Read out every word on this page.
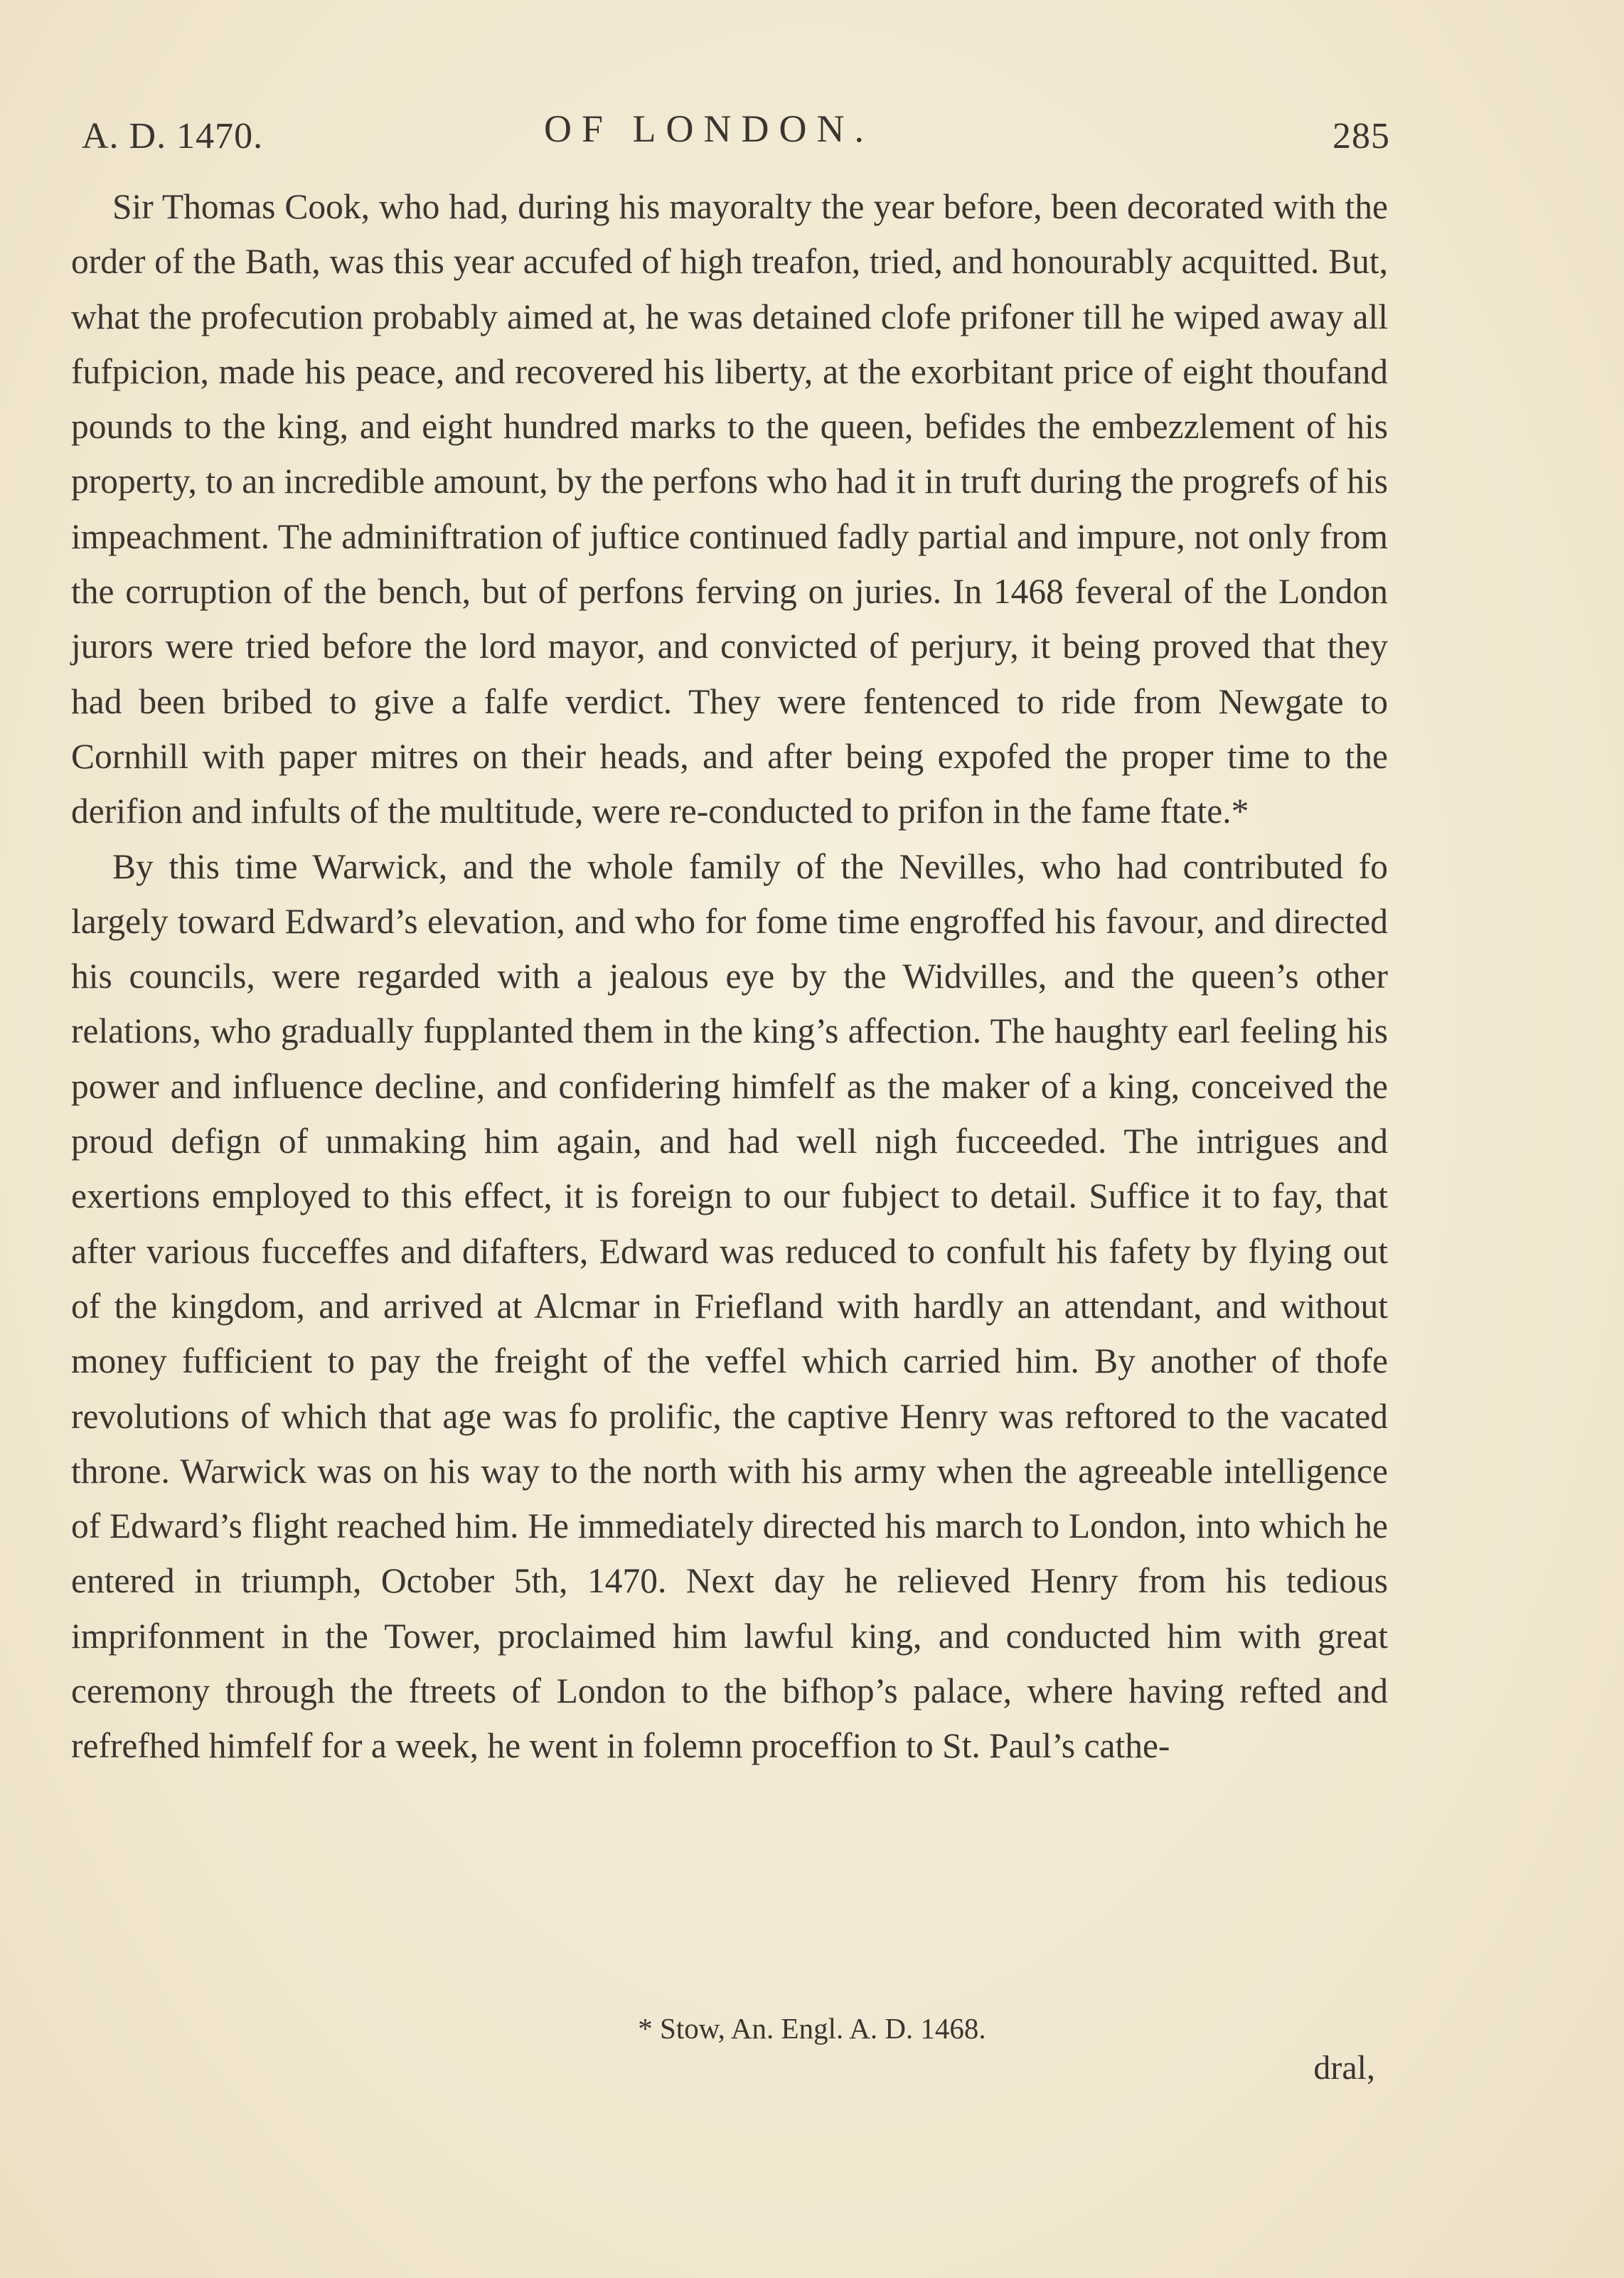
A. D. 1470.	OF LONDON.	285

Sir Thomas Cook, who had, during his mayoralty the year before, been decorated with the order of the Bath, was this year accufed of high treafon, tried, and honourably acquitted. But, what the profecution probably aimed at, he was detained clofe prifoner till he wiped away all fufpicion, made his peace, and recovered his liberty, at the exorbitant price of eight thoufand pounds to the king, and eight hundred marks to the queen, befides the embezzlement of his property, to an incredible amount, by the perfons who had it in truft during the progrefs of his impeachment. The adminiftration of juftice continued fadly partial and impure, not only from the corruption of the bench, but of perfons ferving on juries. In 1468 feveral of the London jurors were tried before the lord mayor, and convicted of perjury, it being proved that they had been bribed to give a falfe verdict. They were fentenced to ride from Newgate to Cornhill with paper mitres on their heads, and after being expofed the proper time to the derifion and infults of the multitude, were re-conducted to prifon in the fame ftate.*

By this time Warwick, and the whole family of the Nevilles, who had contributed fo largely toward Edward’s elevation, and who for fome time engroffed his favour, and directed his councils, were regarded with a jealous eye by the Widvilles, and the queen’s other relations, who gradually fupplanted them in the king’s affection. The haughty earl feeling his power and influence decline, and confidering himfelf as the maker of a king, conceived the proud defign of unmaking him again, and had well nigh fucceeded. The intrigues and exertions employed to this effect, it is foreign to our fubject to detail. Suffice it to fay, that after various fucceffes and difafters, Edward was reduced to confult his fafety by flying out of the kingdom, and arrived at Alcmar in Friefland with hardly an attendant, and without money fufficient to pay the freight of the veffel which carried him. By another of thofe revolutions of which that age was fo prolific, the captive Henry was reftored to the vacated throne. Warwick was on his way to the north with his army when the agreeable intelligence of Edward’s flight reached him. He immediately directed his march to London, into which he entered in triumph, October 5th, 1470. Next day he relieved Henry from his tedious imprifonment in the Tower, proclaimed him lawful king, and conducted him with great ceremony through the ftreets of London to the bifhop’s palace, where having refted and refrefhed himfelf for a week, he went in folemn proceffion to St. Paul’s cathe-

* Stow, An. Engl. A. D. 1468.
dral,
